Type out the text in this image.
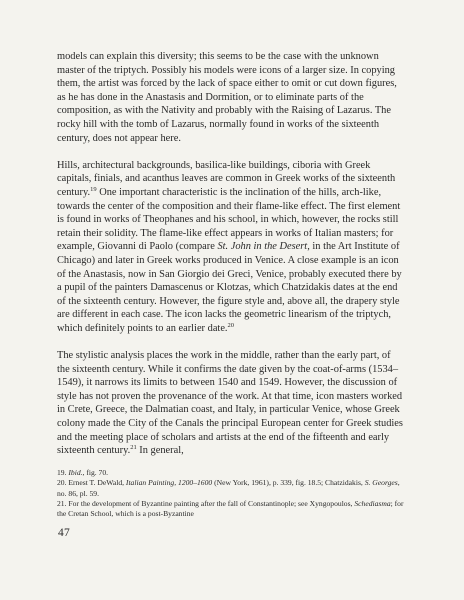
models can explain this diversity; this seems to be the case with the unknown master of the triptych. Possibly his models were icons of a larger size. In copying them, the artist was forced by the lack of space either to omit or cut down figures, as he has done in the Anastasis and Dormition, or to eliminate parts of the composition, as with the Nativity and probably with the Raising of Lazarus. The rocky hill with the tomb of Lazarus, normally found in works of the sixteenth century, does not appear here.

Hills, architectural backgrounds, basilica-like buildings, ciboria with Greek capitals, finials, and acanthus leaves are common in Greek works of the sixteenth century.$^{19}$ One important characteristic is the inclination of the hills, arch-like, towards the center of the composition and their flame-like effect. The first element is found in works of Theophanes and his school, in which, however, the rocks still retain their solidity. The flame-like effect appears in works of Italian masters; for example, Giovanni di Paolo (compare St. John in the Desert, in the Art Institute of Chicago) and later in Greek works produced in Venice. A close example is an icon of the Anastasis, now in San Giorgio dei Greci, Venice, probably executed there by a pupil of the painters Damascenus or Klotzas, which Chatzidakis dates at the end of the sixteenth century. However, the figure style and, above all, the drapery style are different in each case. The icon lacks the geometric linearism of the triptych, which definitely points to an earlier date.$^{20}$

The stylistic analysis places the work in the middle, rather than the early part, of the sixteenth century. While it confirms the date given by the coat-of-arms (1534–1549), it narrows its limits to between 1540 and 1549. However, the discussion of style has not proven the provenance of the work. At that time, icon masters worked in Crete, Greece, the Dalmatian coast, and Italy, in particular Venice, whose Greek colony made the City of the Canals the principal European center for Greek studies and the meeting place of scholars and artists at the end of the fifteenth and early sixteenth century.$^{21}$ In general,

19. Ibid., fig. 70.

20. Ernest T. DeWald, Italian Painting, 1200–1600 (New York, 1961), p. 339, fig. 18.5; Chatzidakis, S. Georges, no. 86, pl. 59.

21. For the development of Byzantine painting after the fall of Constantinople; see Xyngopoulos, Schediasma; for the Cretan School, which is a post-Byzantine

47
